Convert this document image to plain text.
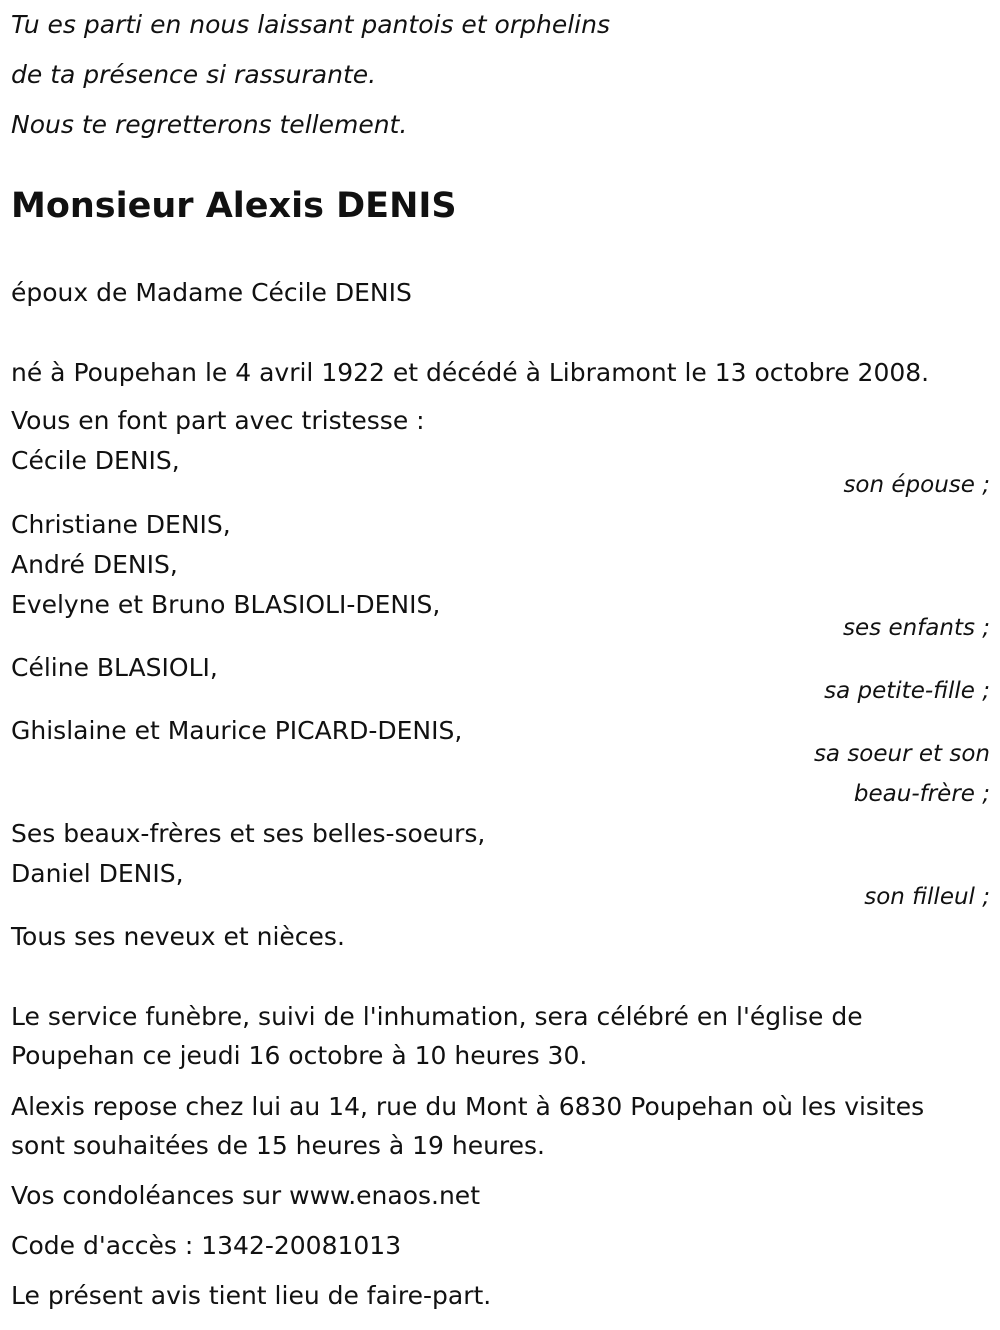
Tu es parti en nous laissant pantois et orphelins
de ta présence si rassurante.
Nous te regretterons tellement.
Monsieur Alexis DENIS
époux de Madame Cécile DENIS
né à Poupehan le 4 avril 1922 et décédé à Libramont le 13 octobre 2008.
Vous en font part avec tristesse :
Cécile DENIS,
son épouse ;
Christiane DENIS,
André DENIS,
Evelyne et Bruno BLASIOLI-DENIS,
ses enfants ;
Céline BLASIOLI,
sa petite-fille ;
Ghislaine et Maurice PICARD-DENIS,
sa soeur et son
beau-frère ;
Ses beaux-frères et ses belles-soeurs,
Daniel DENIS,
son filleul ;
Tous ses neveux et nièces.
Le service funèbre, suivi de l'inhumation, sera célébré en l'église de
Poupehan ce jeudi 16 octobre à 10 heures 30.
Alexis repose chez lui au 14, rue du Mont à 6830 Poupehan où les visites
sont souhaitées de 15 heures à 19 heures.
Vos condoléances sur www.enaos.net
Code d'accès : 1342-20081013
Le présent avis tient lieu de faire-part.
